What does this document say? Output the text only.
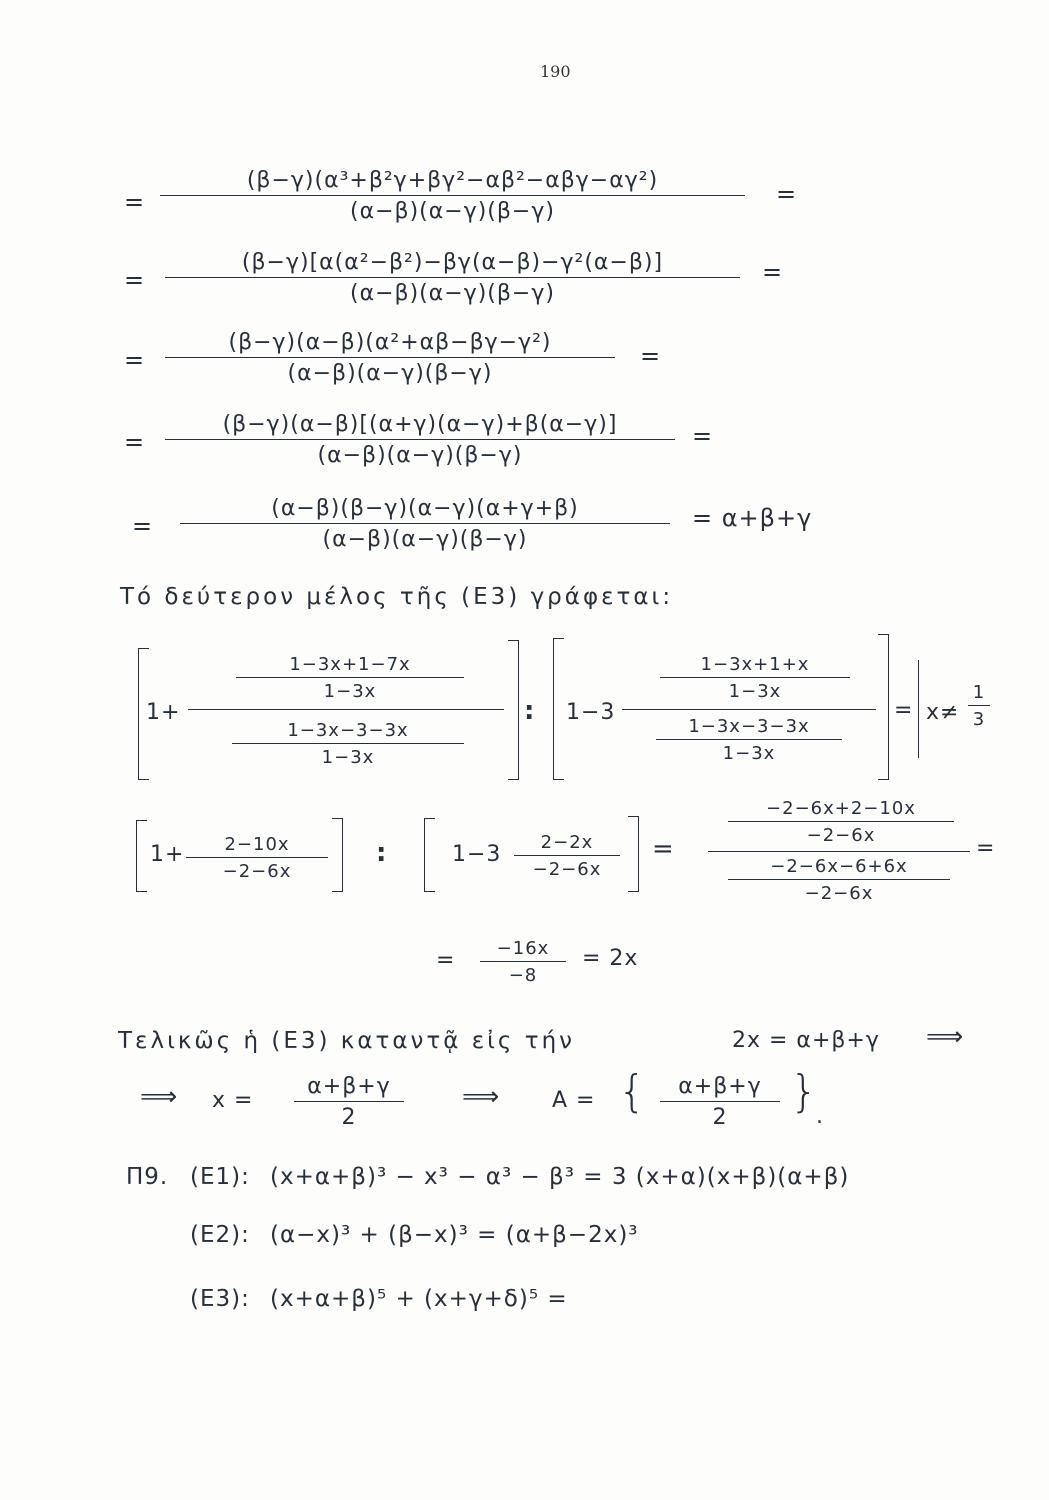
190
=
(β−γ)(α³+β²γ+βγ²−αβ²−αβγ−αγ²)
(α−β)(α−γ)(β−γ)
=
=
(β−γ)[α(α²−β²)−βγ(α−β)−γ²(α−β)]
(α−β)(α−γ)(β−γ)
=
=
(β−γ)(α−β)(α²+αβ−βγ−γ²)
(α−β)(α−γ)(β−γ)
=
=
(β−γ)(α−β)[(α+γ)(α−γ)+β(α−γ)]
(α−β)(α−γ)(β−γ)
=
=
(α−β)(β−γ)(α−γ)(α+γ+β)
(α−β)(α−γ)(β−γ)
= α+β+γ
Τό δεύτερον μέλος τῆς (Ε3) γράφεται:
1+
1−3x+1−7x
1−3x
1−3x−3−3x
1−3x
: 1−3
1−3x+1+x
1−3x
1−3x−3−3x
1−3x
= x≠
1
3
1+	2−10x
−2−6x
:	1−3	2−2x
−2−6x
=
−2−6x+2−10x
−2−6x
−2−6x−6+6x
−2−6x
=
=	−16x
−8
= 2x
Τελικῶς ἡ (Ε3) καταντᾷ εἰς τήν	2x = α+β+γ ⟹
⟹ x =
α+β+γ
2
⟹ A = {	α+β+γ
2
}
.
Π9. (Ε1): (x+α+β)³ − x³ − α³ − β³ = 3 (x+α)(x+β)(α+β)
(Ε2): (α−x)³ + (β−x)³ = (α+β−2x)³
(Ε3): (x+α+β)⁵ + (x+γ+δ)⁵ =
